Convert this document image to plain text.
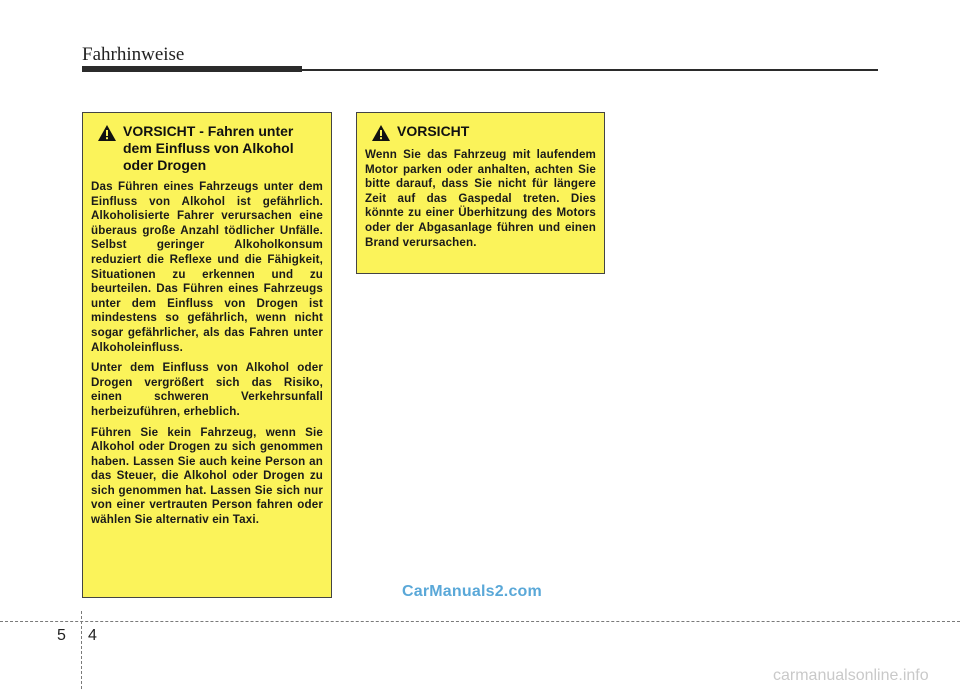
Fahrhinweise
VORSICHT - Fahren unter dem Einfluss von Alkohol oder Drogen

Das Führen eines Fahrzeugs unter dem Einfluss von Alkohol ist gefährlich. Alkoholisierte Fahrer verursachen eine überaus große Anzahl tödlicher Unfälle. Selbst geringer Alkoholkonsum reduziert die Reflexe und die Fähigkeit, Situationen zu erkennen und zu beurteilen. Das Führen eines Fahrzeugs unter dem Einfluss von Drogen ist mindestens so gefährlich, wenn nicht sogar gefährlicher, als das Fahren unter Alkoholeinfluss.

Unter dem Einfluss von Alkohol oder Drogen vergrößert sich das Risiko, einen schweren Verkehrsunfall herbeizuführen, erheblich.

Führen Sie kein Fahrzeug, wenn Sie Alkohol oder Drogen zu sich genommen haben. Lassen Sie auch keine Person an das Steuer, die Alkohol oder Drogen zu sich genommen hat. Lassen Sie sich nur von einer vertrauten Person fahren oder wählen Sie alternativ ein Taxi.

VORSICHT

Wenn Sie das Fahrzeug mit laufendem Motor parken oder anhalten, achten Sie bitte darauf, dass Sie nicht für längere Zeit auf das Gaspedal treten. Dies könnte zu einer Überhitzung des Motors oder der Abgasanlage führen und einen Brand verursachen.

CarManuals2.com
5 4
carmanualsonline.info
